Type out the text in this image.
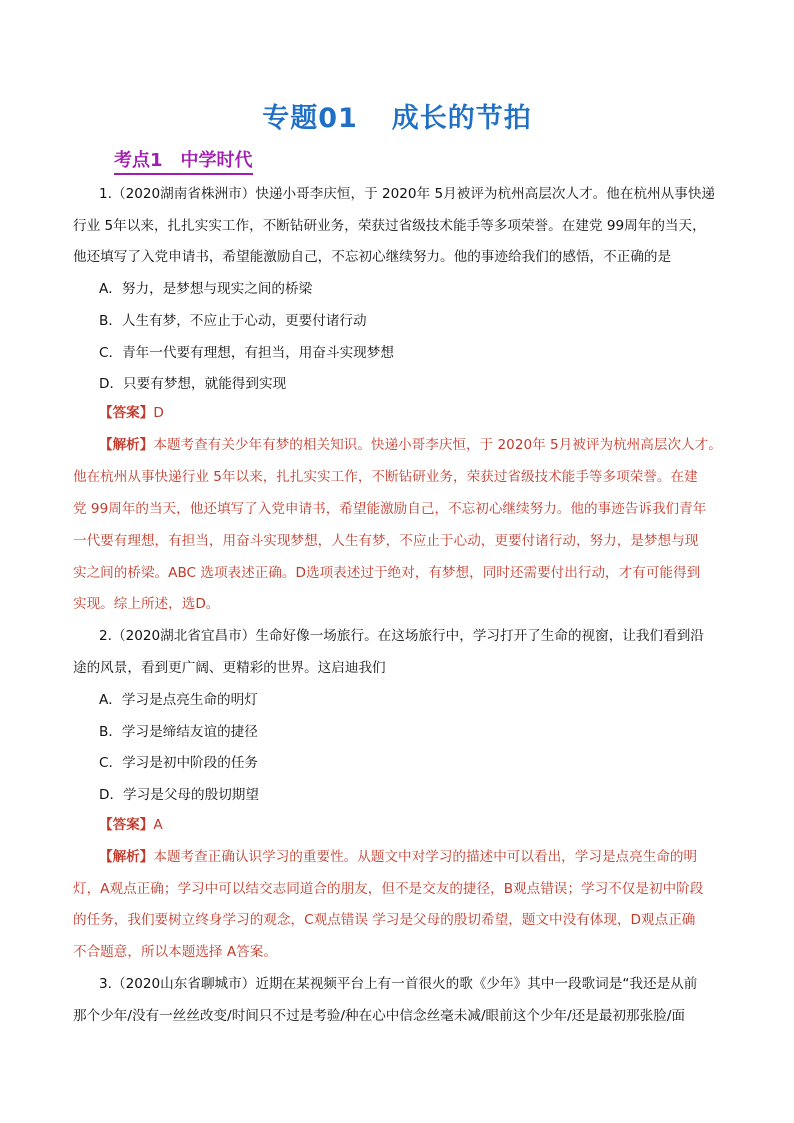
专题01 成长的节拍
考点1　中学时代
1.（2020湖南省株洲市）快递小哥李庆恒，于 2020年 5月被评为杭州高层次人才。他在杭州从事快递
行业 5年以来，扎扎实实工作，不断钻研业务，荣获过省级技术能手等多项荣誉。在建党 99周年的当天，
他还填写了入党申请书，希望能激励自己，不忘初心继续努力。他的事迹给我们的感悟，不正确的是
A．努力，是梦想与现实之间的桥梁
B．人生有梦，不应止于心动，更要付诸行动
C．青年一代要有理想，有担当，用奋斗实现梦想
D．只要有梦想，就能得到实现
【答案】D
【解析】本题考查有关少年有梦的相关知识。快递小哥李庆恒，于 2020年 5月被评为杭州高层次人才。
他在杭州从事快递行业 5年以来，扎扎实实工作，不断钻研业务，荣获过省级技术能手等多项荣誉。在建
党 99周年的当天，他还填写了入党申请书，希望能激励自己，不忘初心继续努力。他的事迹告诉我们青年
一代要有理想，有担当，用奋斗实现梦想，人生有梦，不应止于心动，更要付诸行动，努力，是梦想与现
实之间的桥梁。ABC 选项表述正确。D选项表述过于绝对，有梦想，同时还需要付出行动，才有可能得到
实现。综上所述，选D。
2.（2020湖北省宜昌市）生命好像一场旅行。在这场旅行中，学习打开了生命的视窗，让我们看到沿
途的风景，看到更广阔、更精彩的世界。这启迪我们
A．学习是点亮生命的明灯
B．学习是缔结友谊的捷径
C．学习是初中阶段的任务
D．学习是父母的殷切期望
【答案】A
【解析】本题考查正确认识学习的重要性。从题文中对学习的描述中可以看出，学习是点亮生命的明
灯，A观点正确；学习中可以结交志同道合的朋友，但不是交友的捷径，B观点错误；学习不仅是初中阶段
的任务，我们要树立终身学习的观念，C观点错误 学习是父母的殷切希望，题文中没有体现，D观点正确
不合题意，所以本题选择 A答案。
3.（2020山东省聊城市）近期在某视频平台上有一首很火的歌《少年》其中一段歌词是“我还是从前
那个少年/没有一丝丝改变/时间只不过是考验/种在心中信念丝毫未减/眼前这个少年/还是最初那张脸/面
